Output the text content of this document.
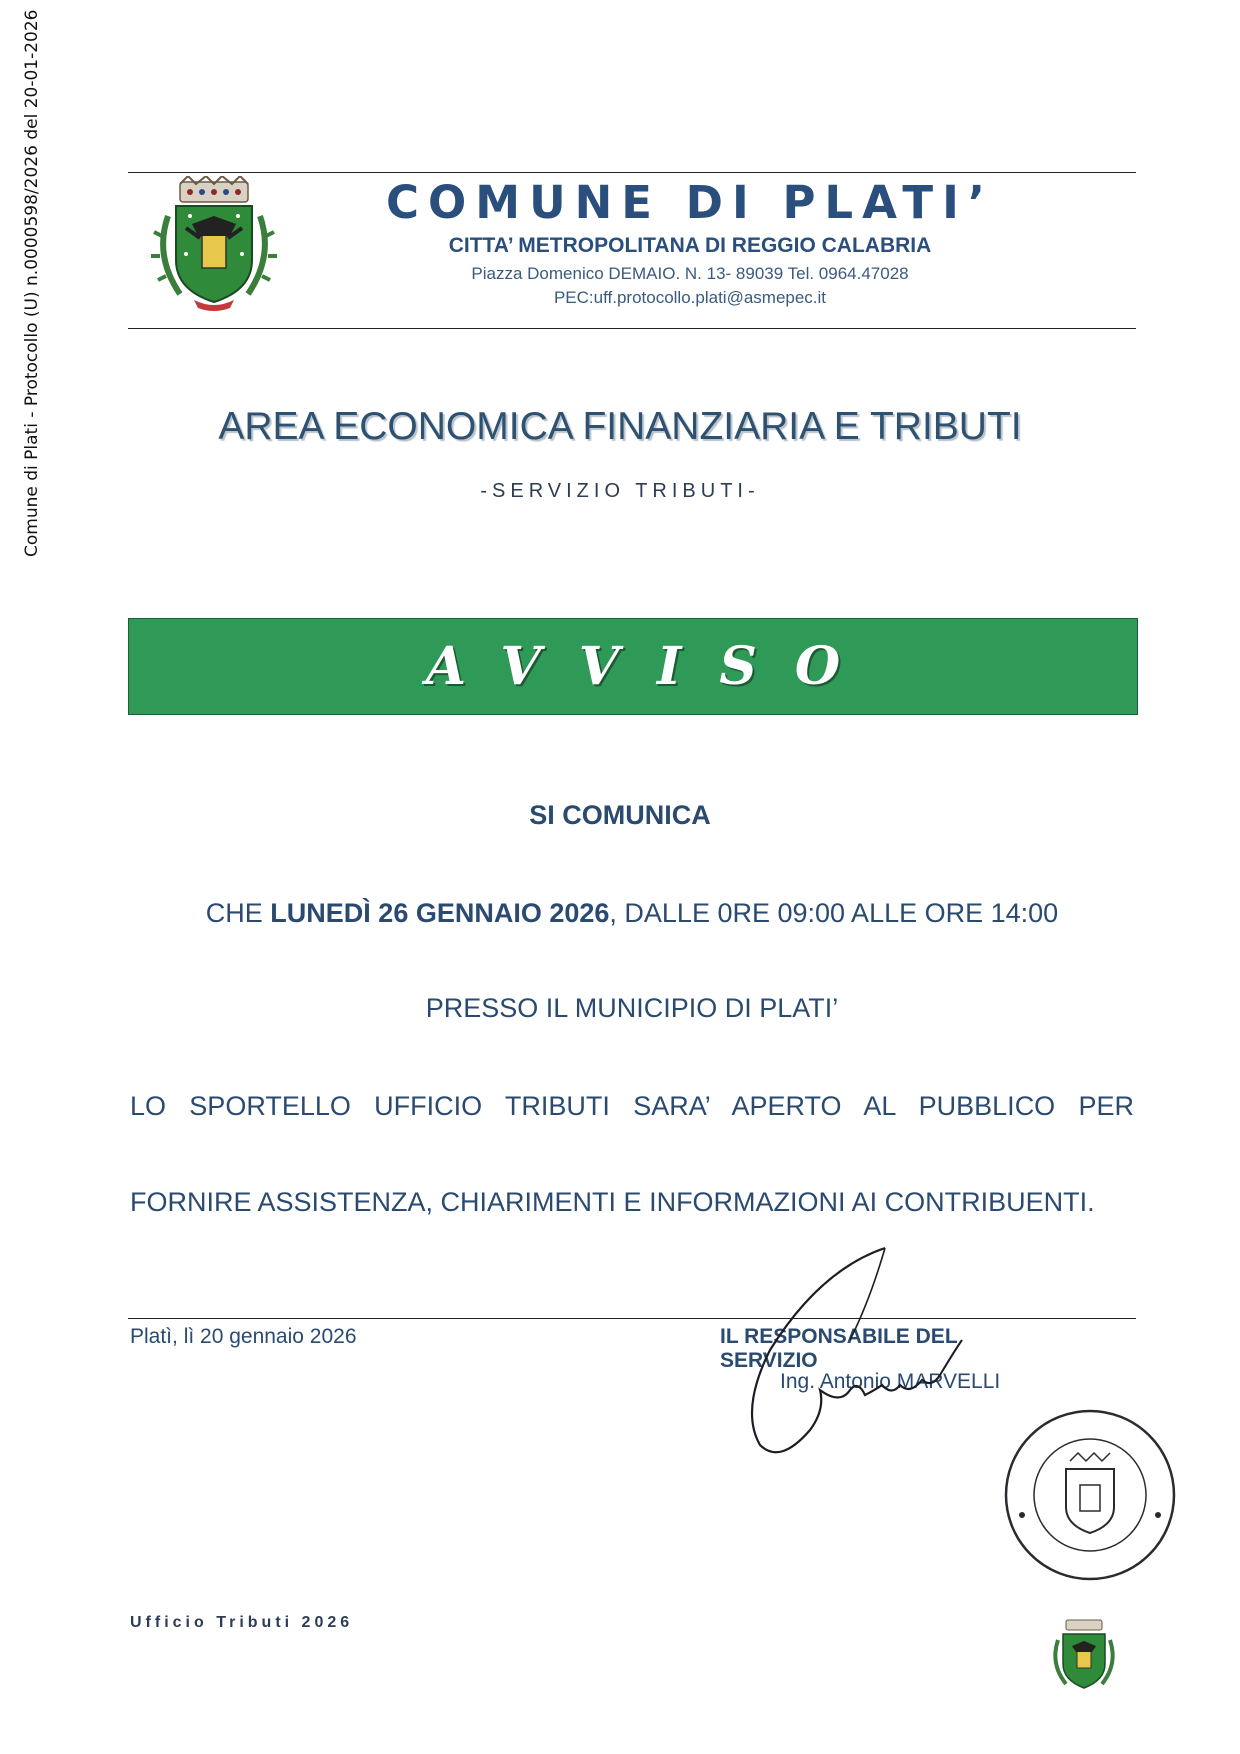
Comune di Plati - Protocollo (U) n.0000598/2026 del 20-01-2026	COMUNE DI PLATI’
CITTA’ METROPOLITANA DI REGGIO CALABRIA
Piazza Domenico DEMAIO. N. 13- 89039 Tel. 0964.47028
PEC:uff.protocollo.plati@asmepec.it
AREA ECONOMICA FINANZIARIA E TRIBUTI
-SERVIZIO TRIBUTI-
AVVISO
SI COMUNICA
CHE LUNEDÌ 26 GENNAIO 2026, DALLE 0RE 09:00 ALLE ORE 14:00
PRESSO IL MUNICIPIO DI PLATI’
LO SPORTELLO UFFICIO TRIBUTI SARA’ APERTO AL PUBBLICO PER
FORNIRE ASSISTENZA, CHIARIMENTI E INFORMAZIONI AI CONTRIBUENTI.
Platì, lì 20 gennaio 2026	IL RESPONSABILE DEL SERVIZIO
Ing. Antonio MARVELLI
Ufficio Tributi 2026
